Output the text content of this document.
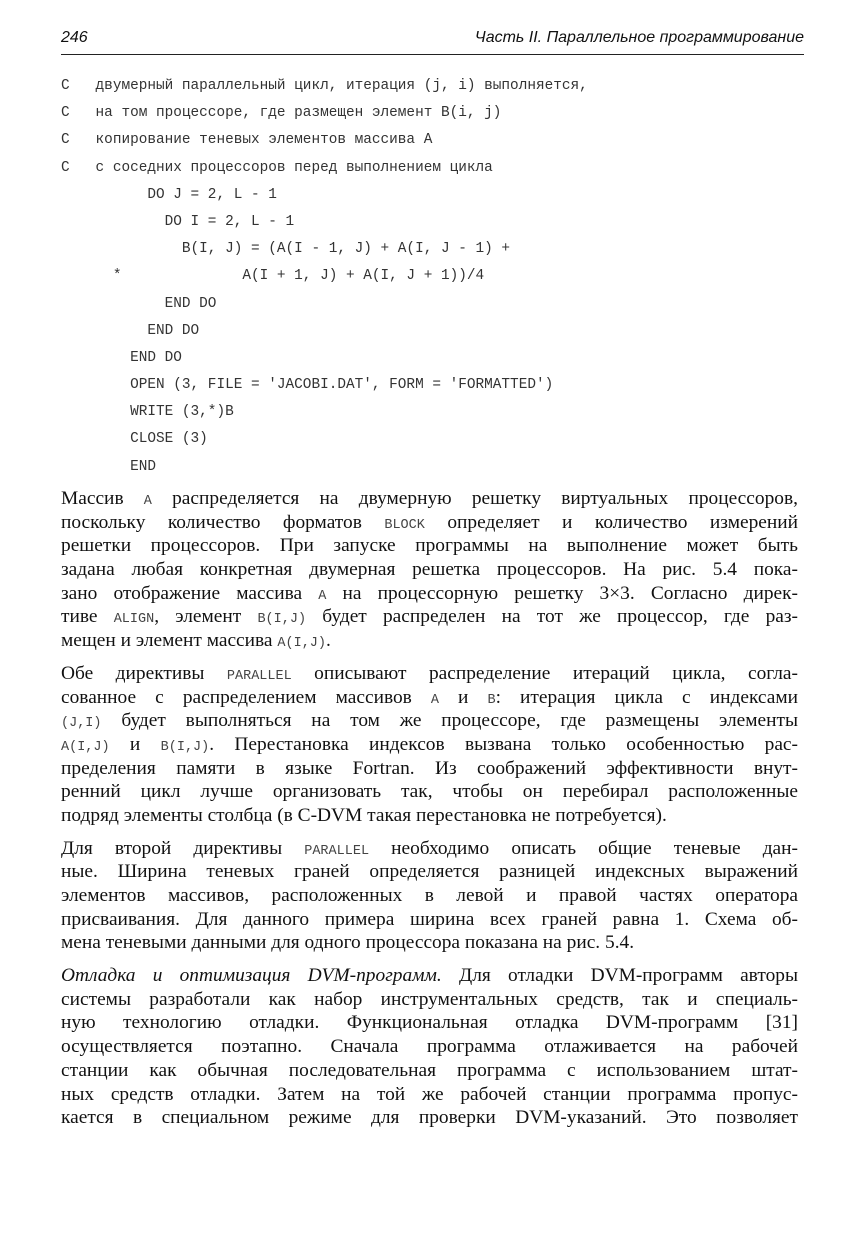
246	Часть II. Параллельное программирование
C   двумерный параллельный цикл, итерация (j, i) выполняется,
C   на том процессоре, где размещен элемент B(i, j)
C   копирование теневых элементов массива A
C   с соседних процессоров перед выполнением цикла
DO J = 2, L - 1
DO I = 2, L - 1
B(I, J) = (A(I - 1, J) + A(I, J - 1) +
*              A(I + 1, J) + A(I, J + 1))/4
END DO
END DO
END DO
OPEN (3, FILE = 'JACOBI.DAT', FORM = 'FORMATTED')
WRITE (3,*)B
CLOSE (3)
END
Массив A распределяется на двумерную решетку виртуальных процессоров,
поскольку количество форматов BLOCK определяет и количество измерений
решетки процессоров. При запуске программы на выполнение может быть
задана любая конкретная двумерная решетка процессоров. На рис. 5.4 пока-
зано отображение массива A на процессорную решетку 3×3. Согласно дирек-
тиве ALIGN, элемент B(I,J) будет распределен на тот же процессор, где раз-
мещен и элемент массива A(I,J).
Обе директивы PARALLEL описывают распределение итераций цикла, согла-
сованное с распределением массивов A и B: итерация цикла с индексами
(J,I) будет выполняться на том же процессоре, где размещены элементы
A(I,J) и B(I,J). Перестановка индексов вызвана только особенностью рас-
пределения памяти в языке Fortran. Из соображений эффективности внут-
ренний цикл лучше организовать так, чтобы он перебирал расположенные
подряд элементы столбца (в C-DVM такая перестановка не потребуется).
Для второй директивы PARALLEL необходимо описать общие теневые дан-
ные. Ширина теневых граней определяется разницей индексных выражений
элементов массивов, расположенных в левой и правой частях оператора
присваивания. Для данного примера ширина всех граней равна 1. Схема об-
мена теневыми данными для одного процессора показана на рис. 5.4.
Отладка и оптимизация DVM-программ. Для отладки DVM-программ авторы
системы разработали как набор инструментальных средств, так и специаль-
ную технологию отладки. Функциональная отладка DVM-программ [31]
осуществляется поэтапно. Сначала программа отлаживается на рабочей
станции как обычная последовательная программа с использованием штат-
ных средств отладки. Затем на той же рабочей станции программа пропус-
кается в специальном режиме для проверки DVM-указаний. Это позволяет
